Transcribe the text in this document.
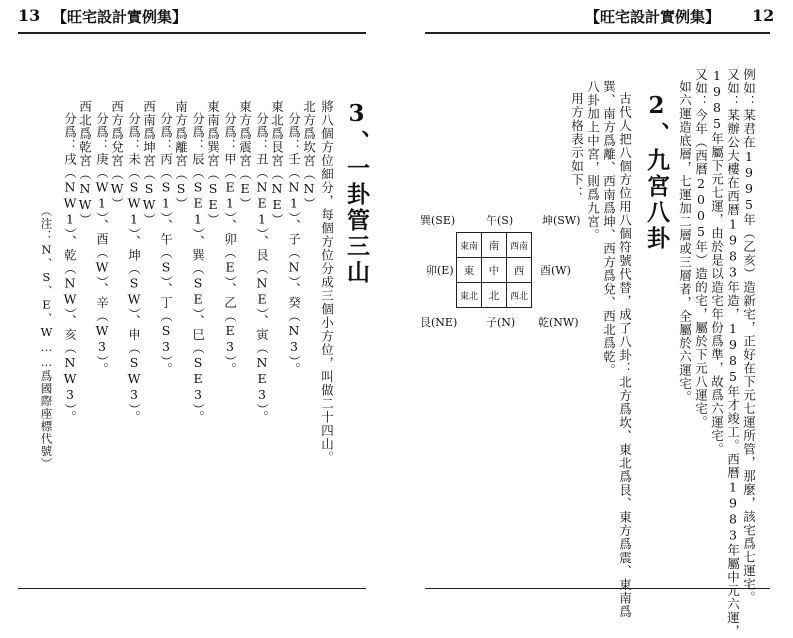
13 【旺宅設計實例集】
3、一卦管三山
將八個方位細分，每個方位分成三個小方位，叫做二十四山。
北方爲坎宮（N）
分爲：壬（N1）、子（N）、癸（N3）。
東北爲艮宮（NE）
分爲：丑（NE1）、艮（NE）、寅（NE3）。
東方爲震宮（E）
分爲：甲（E1）、卯（E）、乙（E3）。
東南爲巽宮（SE）
分爲：辰（SE1）、巽（SE）、巳（SE3）。
南方爲離宮（S）
分爲：丙（S1）、午（S）、丁（S3）。
西南爲坤宮（SW）
分爲：未（SW1）、坤（SW）、申（SW3）。
西方爲兌宮（W）
分爲：庚（W1）、酉（W）、辛（W3）。
西北爲乾宮（NW）
分爲：戌（NW1）、乾（NW）、亥（NW3）。
（注：N、S、E、W……爲國際座標代號）
【旺宅設計實例集】 12
例如：某君在1995年（乙亥）造新宅，正好在下元七運所管，那麼，該宅爲七運宅。
又如：某辦公大樓在西曆1983年造，1985年才竣工。西曆1983年屬中元六運，
1985年屬下元七運，由於是以造宅年份爲準，故爲六運宅。
又如：今年（西曆2005年）造的宅，屬於下元八運宅。
如六運造底層，七運加二層或三層者，全屬於六運宅。
2、九宮八卦
古代人把八個方位用八個符號代替，成了八卦：北方爲坎、東北爲艮、東方爲震、東南爲
巽、南方爲離、西南爲坤、西方爲兌、西北爲乾。
八卦加上中宮，則爲九宮。
用方格表示如下：
巽(SE)	午(S)	坤(SW)
卯(E)	酉(W)
艮(NE)	子(N) 乾(NW)
東南	南	西南
東	中	西
東北	北	西北
